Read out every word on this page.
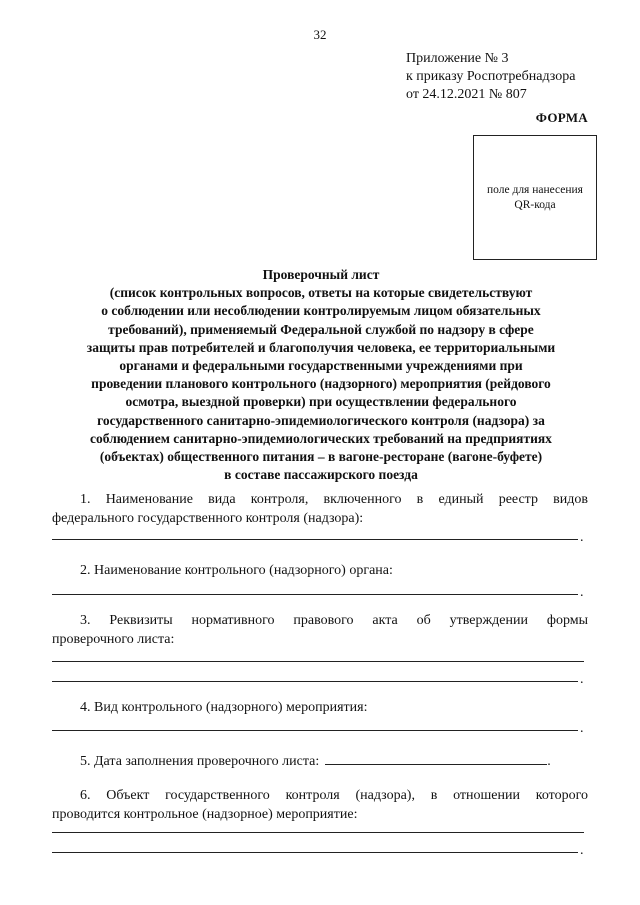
32
Приложение № 3
к приказу Роспотребнадзора
от 24.12.2021 № 807
ФОРМА
поле для нанесения
QR-кода
Проверочный лист
(список контрольных вопросов, ответы на которые свидетельствуют
о соблюдении или несоблюдении контролируемым лицом обязательных
требований), применяемый Федеральной службой по надзору в сфере
защиты прав потребителей и благополучия человека, ее территориальными
органами и федеральными государственными учреждениями при
проведении планового контрольного (надзорного) мероприятия (рейдового
осмотра, выездной проверки) при осуществлении федерального
государственного санитарно-эпидемиологического контроля (надзора) за
соблюдением санитарно-эпидемиологических требований на предприятиях
(объектах) общественного питания – в вагоне-ресторане (вагоне-буфете)
в составе пассажирского поезда
1. Наименование вида контроля, включенного в единый реестр видов
федерального государственного контроля (надзора):
.
2. Наименование контрольного (надзорного) органа:
.
3. Реквизиты нормативного правового акта об утверждении формы
проверочного листа:
.
4. Вид контрольного (надзорного) мероприятия:
.
5. Дата заполнения проверочного листа:	.
6. Объект государственного контроля (надзора), в отношении которого
проводится контрольное (надзорное) мероприятие:
.
